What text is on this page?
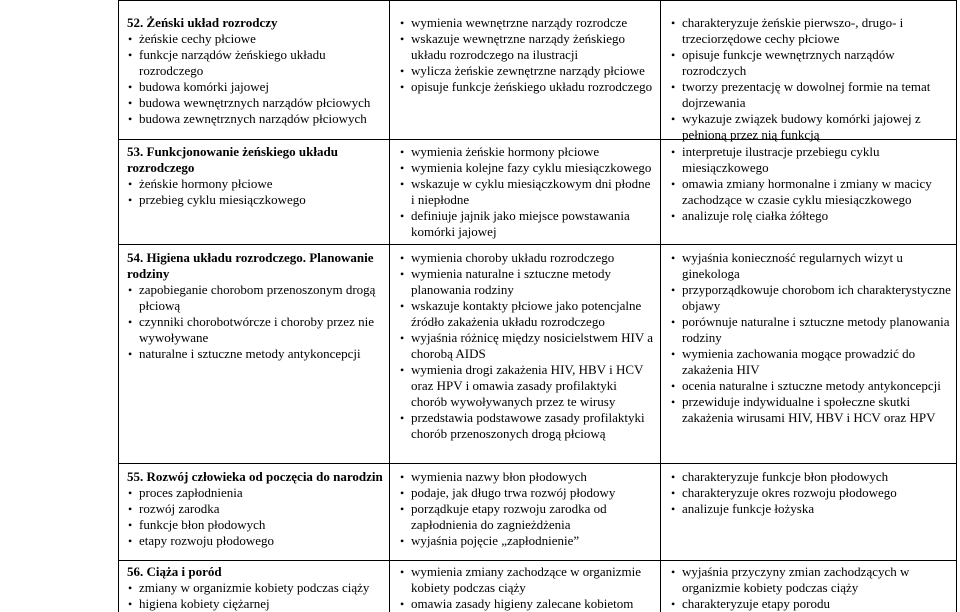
52. Żeński układ rozrodczy

• żeńskie cechy płciowe
• funkcje narządów żeńskiego układu rozrodczego
• budowa komórki jajowej
• budowa wewnętrznych narządów płciowych
• budowa zewnętrznych narządów płciowych

53. Funkcjonowanie żeńskiego układu rozrodczego

• żeńskie hormony płciowe
• przebieg cyklu miesiączkowego

54. Higiena układu rozrodczego. Planowanie rodziny

• zapobieganie chorobom przenoszonym drogą płciową
• czynniki chorobotwórcze i choroby przez nie wywoływane
• naturalne i sztuczne metody antykoncepcji

55. Rozwój człowieka od poczęcia do narodzin

• proces zapłodnienia
• rozwój zarodka
• funkcje błon płodowych
• etapy rozwoju płodowego

56. Ciąża i poród

• zmiany w organizmie kobiety podczas ciąży
• higiena kobiety ciężarnej
• wymienia wewnętrzne narządy rozrodcze
• wskazuje wewnętrzne narządy żeńskiego układu rozrodczego na ilustracji
• wylicza żeńskie zewnętrzne narządy płciowe
• opisuje funkcje żeńskiego układu rozrodczego
• wymienia żeńskie hormony płciowe
• wymienia kolejne fazy cyklu miesiączkowego
• wskazuje w cyklu miesiączkowym dni płodne i niepłodne
• definiuje jajnik jako miejsce powstawania komórki jajowej
• wymienia choroby układu rozrodczego
• wymienia naturalne i sztuczne metody planowania rodziny
• wskazuje kontakty płciowe jako potencjalne źródło zakażenia układu rozrodczego
• wyjaśnia różnicę między nosicielstwem HIV a chorobą AIDS
• wymienia drogi zakażenia HIV, HBV i HCV oraz HPV i omawia zasady profilaktyki chorób wywoływanych przez te wirusy
• przedstawia podstawowe zasady profilaktyki chorób przenoszonych drogą płciową
• wymienia nazwy błon płodowych
• podaje, jak długo trwa rozwój płodowy
• porządkuje etapy rozwoju zarodka od zapłodnienia do zagnieżdżenia
• wyjaśnia pojęcie „zapłodnienie”
• wymienia zmiany zachodzące w organizmie kobiety podczas ciąży
• omawia zasady higieny zalecane kobietom
• charakteryzuje żeńskie pierwszo-, drugo- i trzeciorzędowe cechy płciowe
• opisuje funkcje wewnętrznych narządów rozrodczych
• tworzy prezentację w dowolnej formie na temat dojrzewania
• wykazuje związek budowy komórki jajowej z pełnioną przez nią funkcją
• interpretuje ilustracje przebiegu cyklu miesiączkowego
• omawia zmiany hormonalne i zmiany w macicy zachodzące w czasie cyklu miesiączkowego
• analizuje rolę ciałka żółtego
• wyjaśnia konieczność regularnych wizyt u ginekologa
• przyporządkowuje chorobom ich charakterystyczne objawy
• porównuje naturalne i sztuczne metody planowania rodziny
• wymienia zachowania mogące prowadzić do zakażenia HIV
• ocenia naturalne i sztuczne metody antykoncepcji
• przewiduje indywidualne i społeczne skutki zakażenia wirusami HIV, HBV i HCV oraz HPV
• charakteryzuje funkcje błon płodowych
• charakteryzuje okres rozwoju płodowego
• analizuje funkcje łożyska
• wyjaśnia przyczyny zmian zachodzących w organizmie kobiety podczas ciąży
• charakteryzuje etapy porodu
